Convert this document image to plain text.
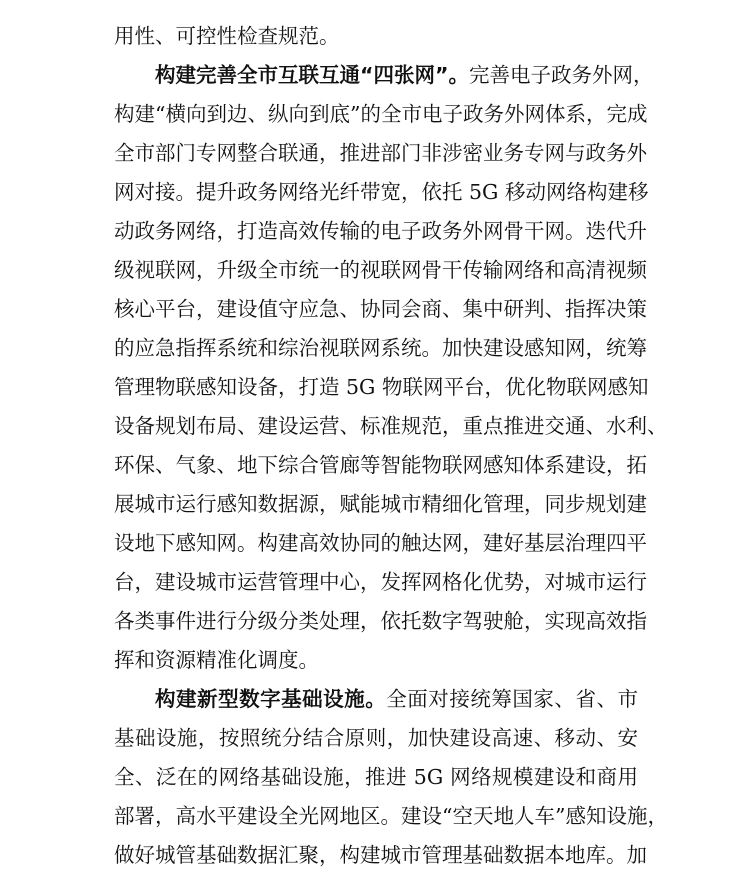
用性、可控性检查规范。
构建完善全市互联互通“四张网”。完善电子政务外网，
构建“横向到边、纵向到底”的全市电子政务外网体系，完成
全市部门专网整合联通，推进部门非涉密业务专网与政务外
网对接。提升政务网络光纤带宽，依托 5G 移动网络构建移
动政务网络，打造高效传输的电子政务外网骨干网。迭代升
级视联网，升级全市统一的视联网骨干传输网络和高清视频
核心平台，建设值守应急、协同会商、集中研判、指挥决策
的应急指挥系统和综治视联网系统。加快建设感知网，统筹
管理物联感知设备，打造 5G 物联网平台，优化物联网感知
设备规划布局、建设运营、标准规范，重点推进交通、水利、
环保、气象、地下综合管廊等智能物联网感知体系建设，拓
展城市运行感知数据源，赋能城市精细化管理，同步规划建
设地下感知网。构建高效协同的触达网，建好基层治理四平
台，建设城市运营管理中心，发挥网格化优势，对城市运行
各类事件进行分级分类处理，依托数字驾驶舱，实现高效指
挥和资源精准化调度。
构建新型数字基础设施。全面对接统筹国家、省、市
基础设施，按照统分结合原则，加快建设高速、移动、安
全、泛在的网络基础设施，推进 5G 网络规模建设和商用
部署，高水平建设全光网地区。建设“空天地人车”感知设施，
做好城管基础数据汇聚，构建城市管理基础数据本地库。加
